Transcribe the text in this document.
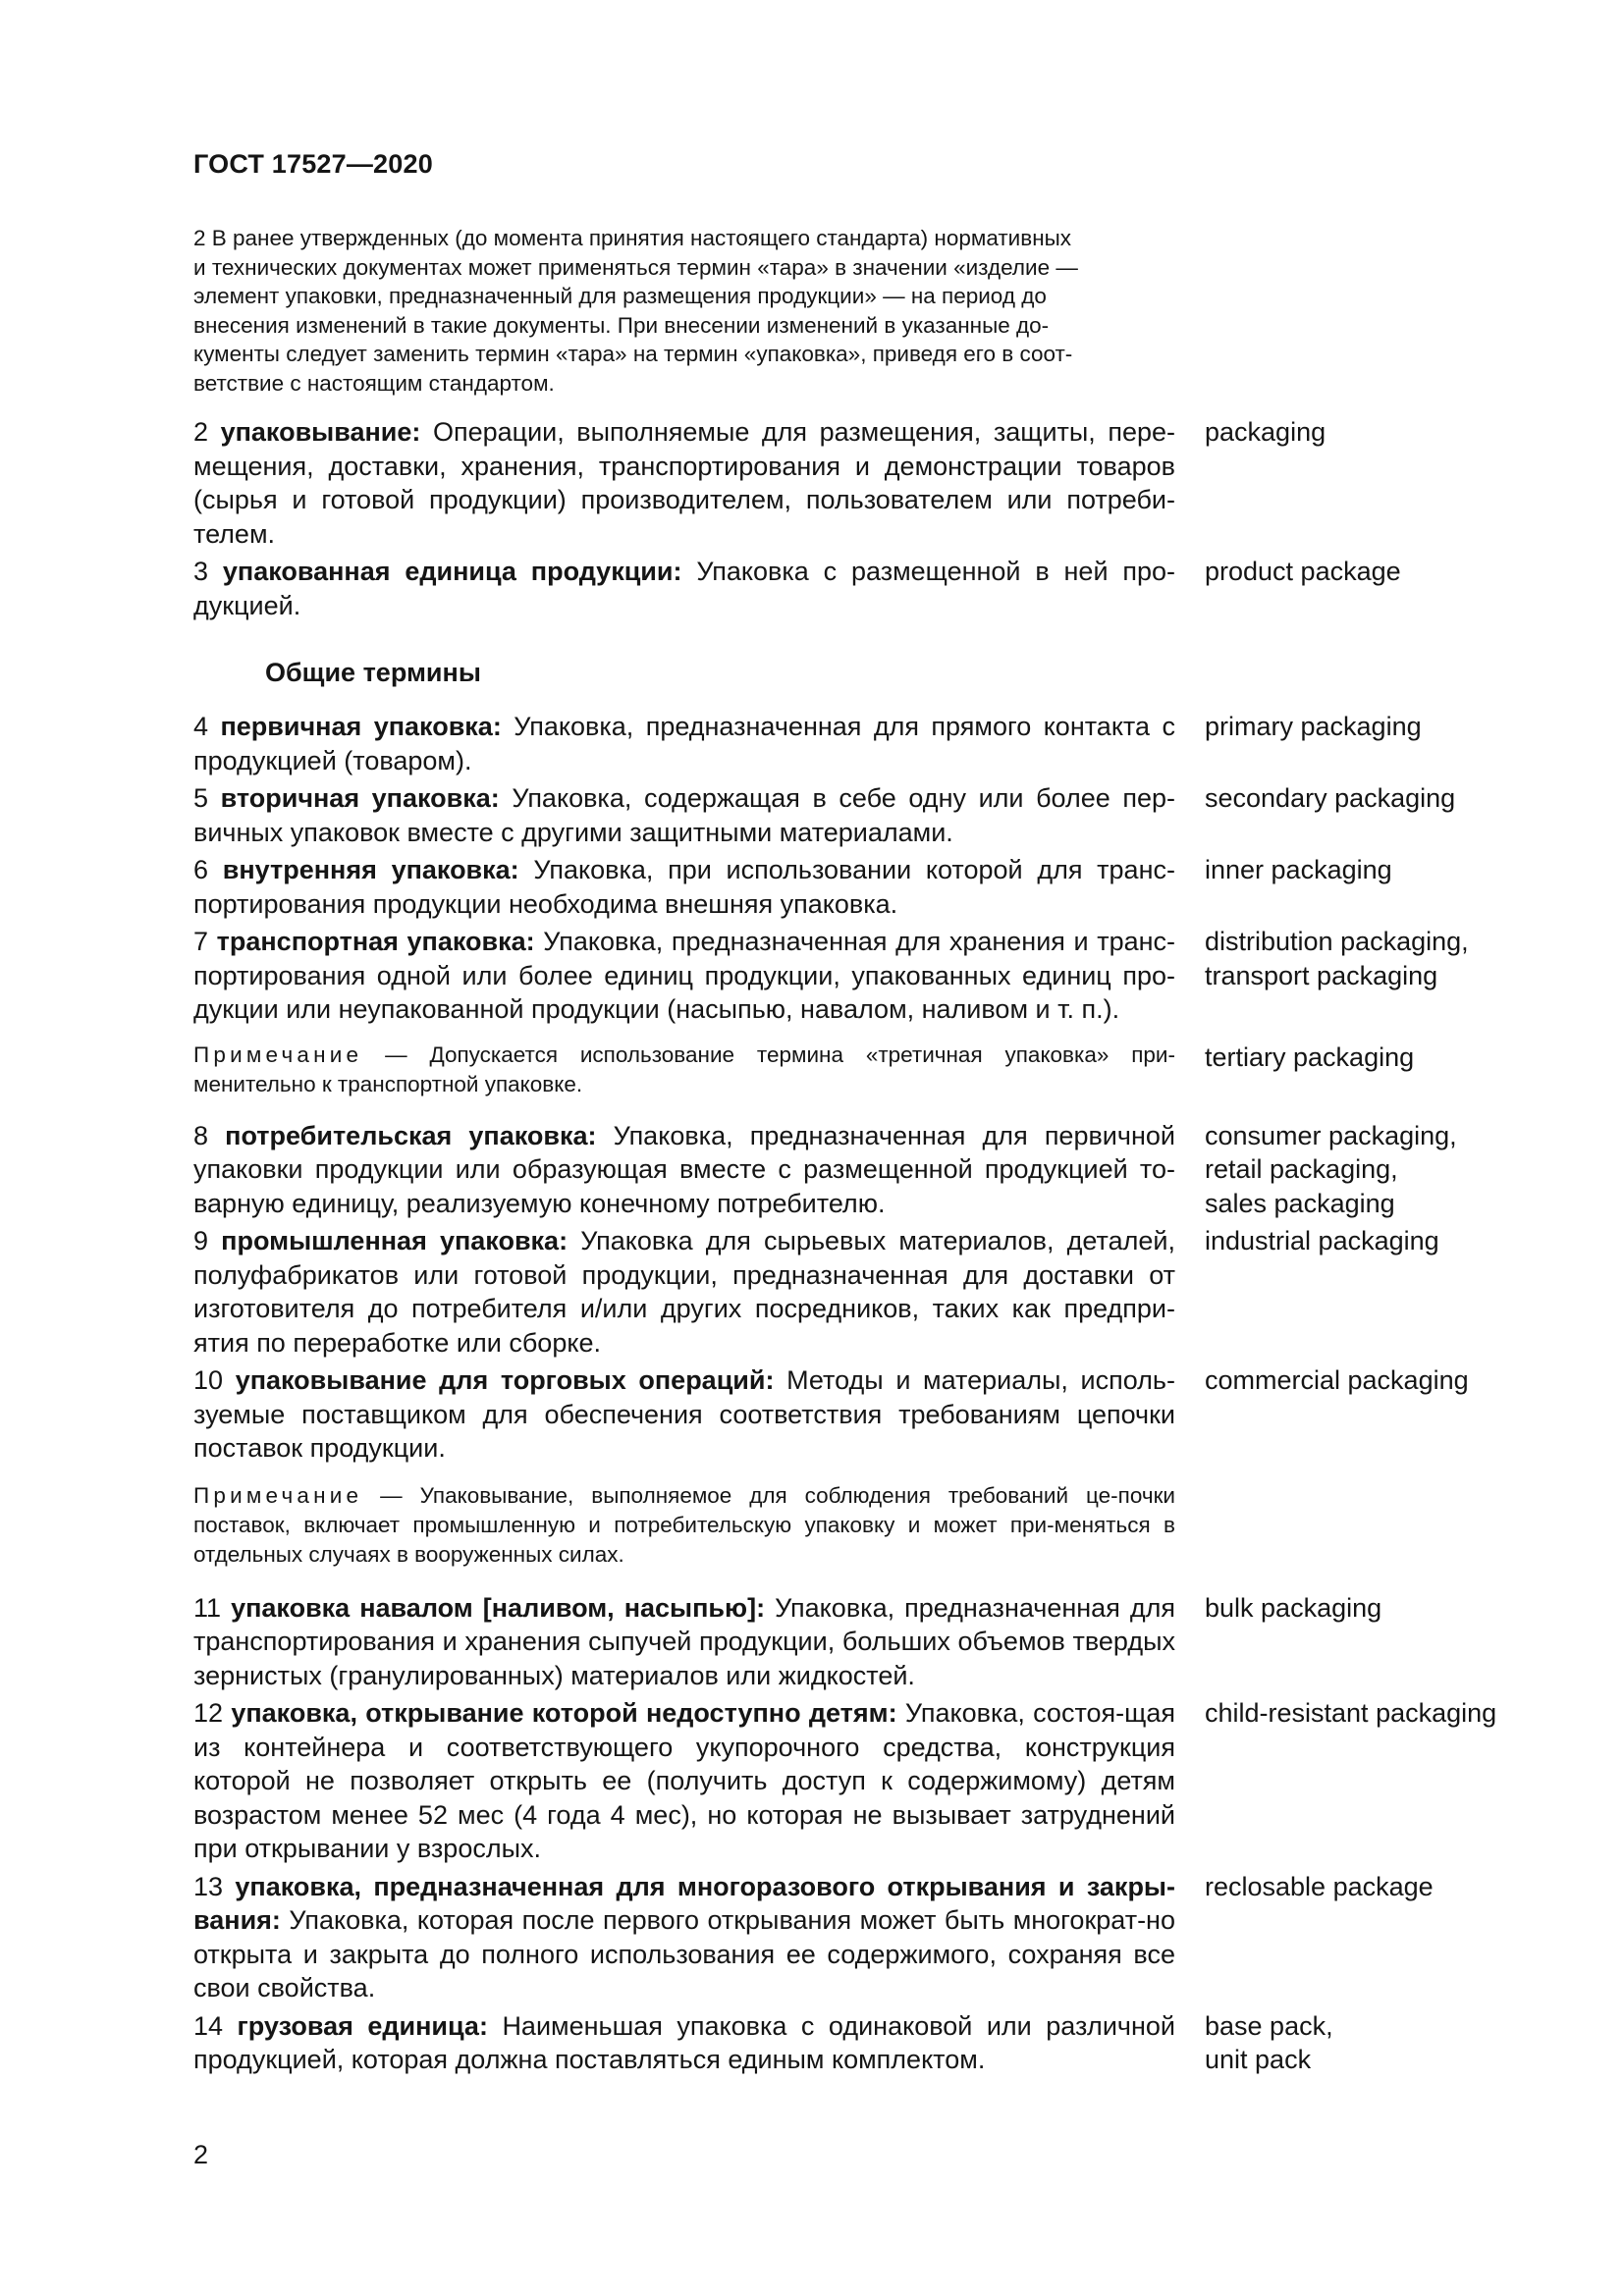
ГОСТ 17527—2020
2 В ранее утвержденных (до момента принятия настоящего стандарта) нормативных
и технических документах может применяться термин «тара» в значении «изделие —
элемент упаковки, предназначенный для размещения продукции» — на период до
внесения изменений в такие документы. При внесении изменений в указанные до-
кументы следует заменить термин «тара» на термин «упаковка», приведя его в соот-
ветствие с настоящим стандартом.
2 упаковывание: Операции, выполняемые для размещения, защиты, пере-мещения, доставки, хранения, транспортирования и демонстрации товаров (сырья и готовой продукции) производителем, пользователем или потреби-телем.
packaging
3 упакованная единица продукции: Упаковка с размещенной в ней про-дукцией.
product package
Общие термины
4 первичная упаковка: Упаковка, предназначенная для прямого контакта с продукцией (товаром).
primary packaging
5 вторичная упаковка: Упаковка, содержащая в себе одну или более пер-вичных упаковок вместе с другими защитными материалами.
secondary packaging
6 внутренняя упаковка: Упаковка, при использовании которой для транс-портирования продукции необходима внешняя упаковка.
inner packaging
7 транспортная упаковка: Упаковка, предназначенная для хранения и транс-портирования одной или более единиц продукции, упакованных единиц про-дукции или неупакованной продукции (насыпью, навалом, наливом и т. п.).
distribution packaging,
transport packaging
Примечание — Допускается использование термина «третичная упаковка» при-менительно к транспортной упаковке.
tertiary packaging
8 потребительская упаковка: Упаковка, предназначенная для первичной упаковки продукции или образующая вместе с размещенной продукцией то-варную единицу, реализуемую конечному потребителю.
consumer packaging,
retail packaging,
sales packaging
9 промышленная упаковка: Упаковка для сырьевых материалов, деталей, полуфабрикатов или готовой продукции, предназначенная для доставки от изготовителя до потребителя и/или других посредников, таких как предпри-ятия по переработке или сборке.
industrial packaging
10 упаковывание для торговых операций: Методы и материалы, исполь-зуемые поставщиком для обеспечения соответствия требованиям цепочки поставок продукции.
commercial packaging
Примечание — Упаковывание, выполняемое для соблюдения требований це-почки поставок, включает промышленную и потребительскую упаковку и может при-меняться в отдельных случаях в вооруженных силах.
11 упаковка навалом [наливом, насыпью]: Упаковка, предназначенная для транспортирования и хранения сыпучей продукции, больших объемов твердых зернистых (гранулированных) материалов или жидкостей.
bulk packaging
12 упаковка, открывание которой недоступно детям: Упаковка, состоя-щая из контейнера и соответствующего укупорочного средства, конструкция которой не позволяет открыть ее (получить доступ к содержимому) детям возрастом менее 52 мес (4 года 4 мес), но которая не вызывает затруднений при открывании у взрослых.
child-resistant packaging
13 упаковка, предназначенная для многоразового открывания и закры-вания: Упаковка, которая после первого открывания может быть многократ-но открыта и закрыта до полного использования ее содержимого, сохраняя все свои свойства.
reclosable package
14 грузовая единица: Наименьшая упаковка с одинаковой или различной продукцией, которая должна поставляться единым комплектом.
base pack,
unit pack
2
